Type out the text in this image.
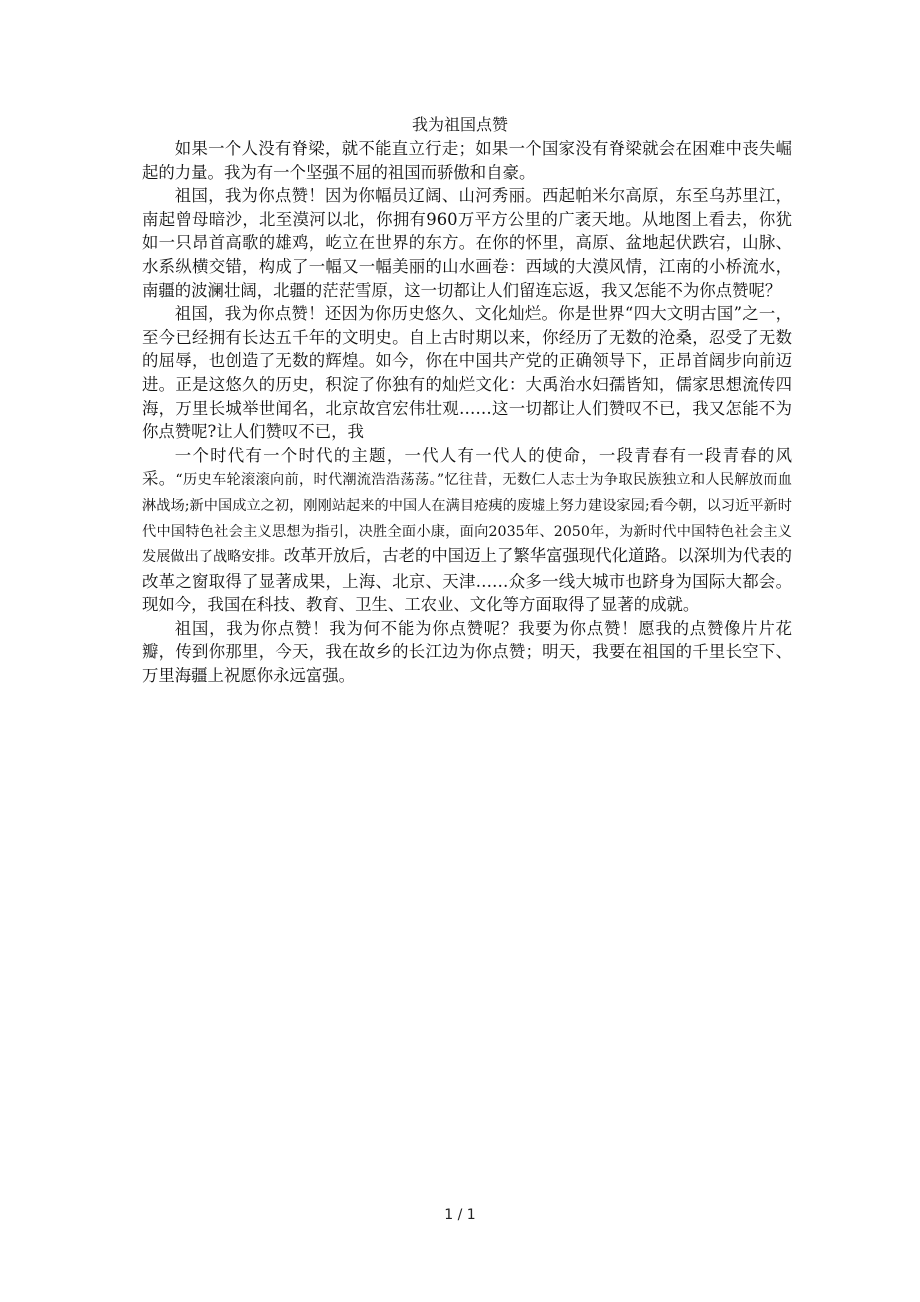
我为祖国点赞

如果一个人没有脊梁，就不能直立行走；如果一个国家没有脊梁就会在困难中丧失崛起的力量。我为有一个坚强不屈的祖国而骄傲和自豪。

祖国，我为你点赞！因为你幅员辽阔、山河秀丽。西起帕米尔高原，东至乌苏里江，南起曾母暗沙，北至漠河以北，你拥有960万平方公里的广袤天地。从地图上看去，你犹如一只昂首高歌的雄鸡，屹立在世界的东方。在你的怀里，高原、盆地起伏跌宕，山脉、水系纵横交错，构成了一幅又一幅美丽的山水画卷：西域的大漠风情，江南的小桥流水，南疆的波澜壮阔，北疆的茫茫雪原，这一切都让人们留连忘返，我又怎能不为你点赞呢？

祖国，我为你点赞！还因为你历史悠久、文化灿烂。你是世界“四大文明古国”之一，至今已经拥有长达五千年的文明史。自上古时期以来，你经历了无数的沧桑，忍受了无数的屈辱，也创造了无数的辉煌。如今，你在中国共产党的正确领导下，正昂首阔步向前迈进。正是这悠久的历史，积淀了你独有的灿烂文化：大禹治水妇孺皆知，儒家思想流传四海，万里长城举世闻名，北京故宫宏伟壮观……这一切都让人们赞叹不已，我又怎能不为你点赞呢?让人们赞叹不已，我

一个时代有一个时代的主题，一代人有一代人的使命，一段青春有一段青春的风采。“历史车轮滚滚向前，时代潮流浩浩荡荡。”忆往昔，无数仁人志士为争取民族独立和人民解放而血淋战场;新中国成立之初，刚刚站起来的中国人在满目疮痍的废墟上努力建设家园;看今朝，以习近平新时代中国特色社会主义思想为指引，决胜全面小康，面向2035年、2050年，为新时代中国特色社会主义发展做出了战略安排。改革开放后，古老的中国迈上了繁华富强现代化道路。以深圳为代表的改革之窗取得了显著成果，上海、北京、天津……众多一线大城市也跻身为国际大都会。现如今，我国在科技、教育、卫生、工农业、文化等方面取得了显著的成就。

祖国，我为你点赞！我为何不能为你点赞呢？我要为你点赞！愿我的点赞像片片花瓣，传到你那里，今天，我在故乡的长江边为你点赞；明天，我要在祖国的千里长空下、万里海疆上祝愿你永远富强。

1 / 1
